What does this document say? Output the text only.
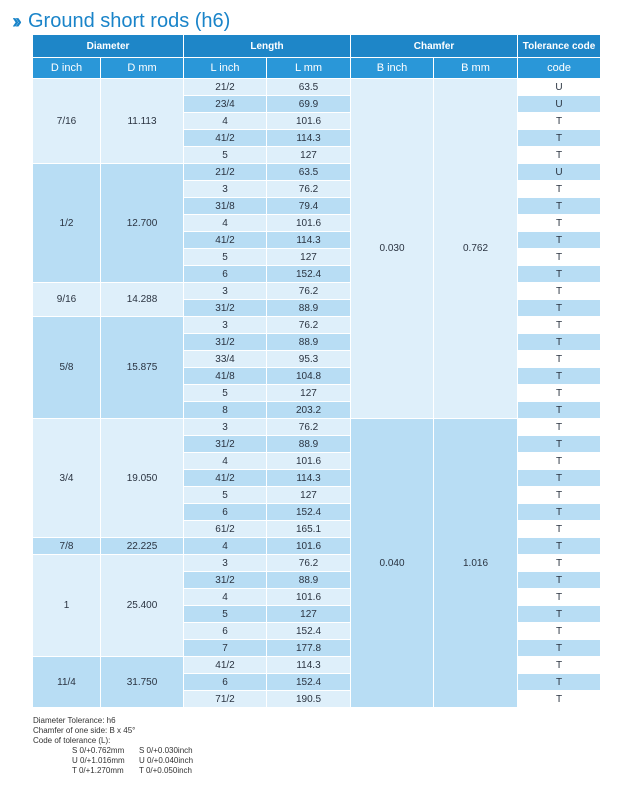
›› Ground short rods (h6)
Diameter		Length		Chamfer		Tolerance code
D inch	D mm	L inch	L mm	B inch	B mm	code
7/16	11.113	21/2	63.5	0.030	0.762	U
		23/4	69.9			U
		4	101.6			T
		41/2	114.3			T
		5	127			T
1/2	12.700	21/2	63.5			U
		3	76.2			T
		31/8	79.4			T
		4	101.6			T
		41/2	114.3			T
		5	127			T
		6	152.4			T
9/16	14.288	3	76.2			T
		31/2	88.9			T
5/8	15.875	3	76.2			T
		31/2	88.9			T
		33/4	95.3			T
		41/8	104.8			T
		5	127			T
		8	203.2			T
3/4	19.050	3	76.2	0.040	1.016	T
		31/2	88.9			T
		4	101.6			T
		41/2	114.3			T
		5	127			T
		6	152.4			T
		61/2	165.1			T
7/8	22.225	4	101.6			T
1	25.400	3	76.2			T
		31/2	88.9			T
		4	101.6			T
		5	127			T
		6	152.4			T
		7	177.8			T
11/4	31.750	41/2	114.3			T
		6	152.4			T
		71/2	190.5			T
Diameter Tolerance: h6
Chamfer of one side: B x 45°
Code of tolerance (L):
S 0/+0.762mm S 0/+0.030inch
U 0/+1.016mm U 0/+0.040inch
T 0/+1.270mm T 0/+0.050inch
